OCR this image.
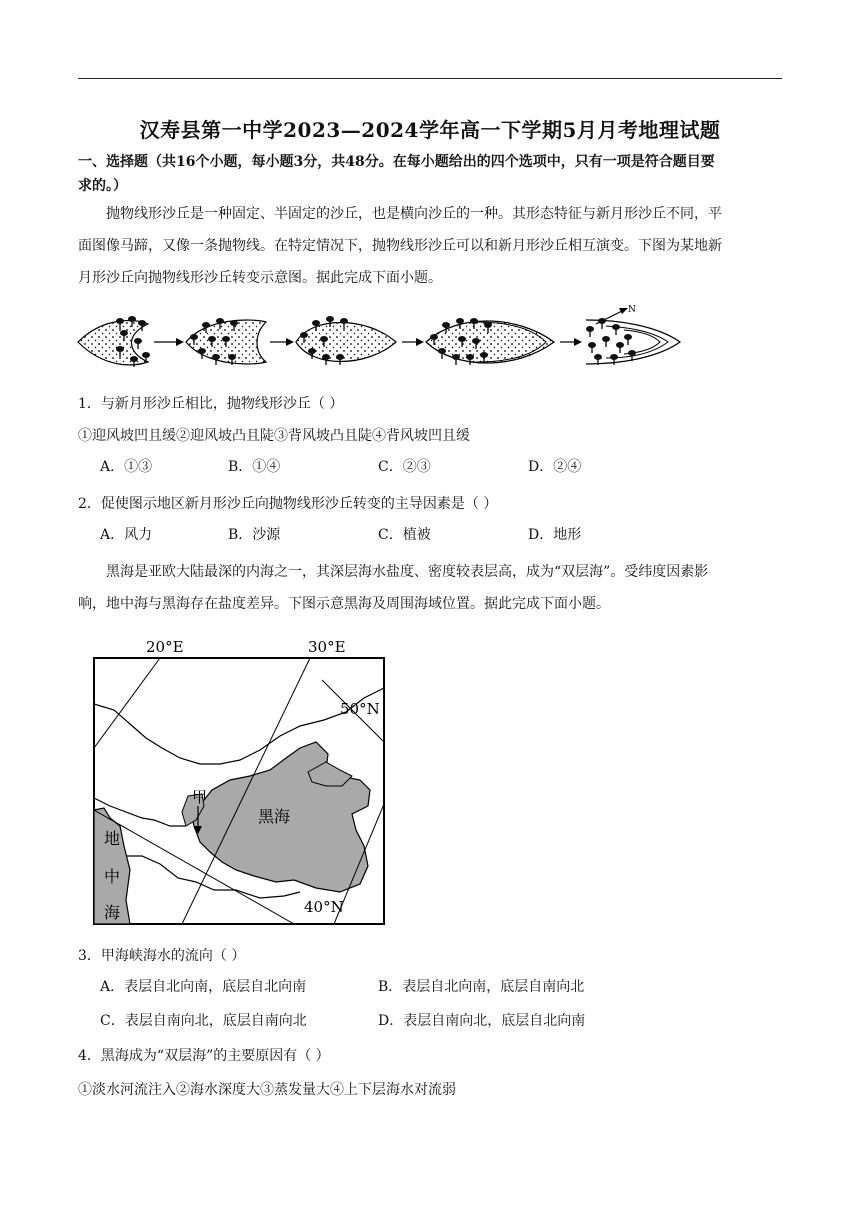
汉寿县第一中学2023—2024学年高一下学期5月月考地理试题
一、选择题（共16个小题，每小题3分，共48分。在每小题给出的四个选项中，只有一项是符合题目要
求的。）
抛物线形沙丘是一种固定、半固定的沙丘，也是横向沙丘的一种。其形态特征与新月形沙丘不同，平
面图像马蹄，又像一条抛物线。在特定情况下，抛物线形沙丘可以和新月形沙丘相互演变。下图为某地新
月形沙丘向抛物线形沙丘转变示意图。据此完成下面小题。
N
1．与新月形沙丘相比，抛物线形沙丘（ ）
①迎风坡凹且缓②迎风坡凸且陡③背风坡凸且陡④背风坡凹且缓
A．①③	B．①④	C．②③	D．②④
2．促使图示地区新月形沙丘向抛物线形沙丘转变的主导因素是（ ）
A．风力	B．沙源	C．植被	D．地形
黑海是亚欧大陆最深的内海之一，其深层海水盐度、密度较表层高，成为“双层海”。受纬度因素影
响，地中海与黑海存在盐度差异。下图示意黑海及周围海域位置。据此完成下面小题。
20°E	30°E
50°N
40°N
黑海
甲
地
中
海
3．甲海峡海水的流向（ ）
A．表层自北向南，底层自北向南	B．表层自北向南，底层自南向北
C．表层自南向北，底层自南向北	D．表层自南向北，底层自北向南
4．黑海成为“双层海”的主要原因有（ ）
①淡水河流注入②海水深度大③蒸发量大④上下层海水对流弱
